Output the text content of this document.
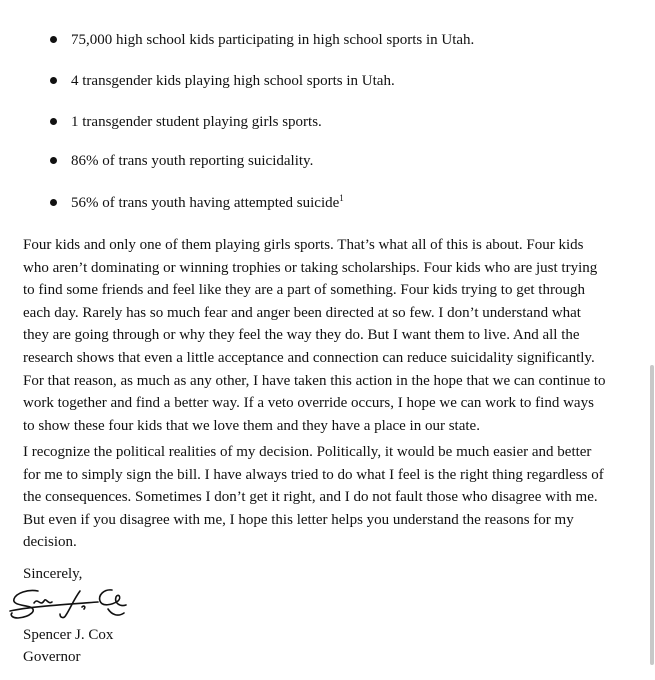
75,000 high school kids participating in high school sports in Utah.
4 transgender kids playing high school sports in Utah.
1 transgender student playing girls sports.
86% of trans youth reporting suicidality.
56% of trans youth having attempted suicide$^1$
Four kids and only one of them playing girls sports. That’s what all of this is about. Four kids
who aren’t dominating or winning trophies or taking scholarships. Four kids who are just trying
to find some friends and feel like they are a part of something. Four kids trying to get through
each day. Rarely has so much fear and anger been directed at so few. I don’t understand what
they are going through or why they feel the way they do. But I want them to live. And all the
research shows that even a little acceptance and connection can reduce suicidality significantly.
For that reason, as much as any other, I have taken this action in the hope that we can continue to
work together and find a better way. If a veto override occurs, I hope we can work to find ways
to show these four kids that we love them and they have a place in our state.
I recognize the political realities of my decision. Politically, it would be much easier and better
for me to simply sign the bill. I have always tried to do what I feel is the right thing regardless of
the consequences. Sometimes I don’t get it right, and I do not fault those who disagree with me.
But even if you disagree with me, I hope this letter helps you understand the reasons for my
decision.
Sincerely,
Spencer J. Cox
Governor
